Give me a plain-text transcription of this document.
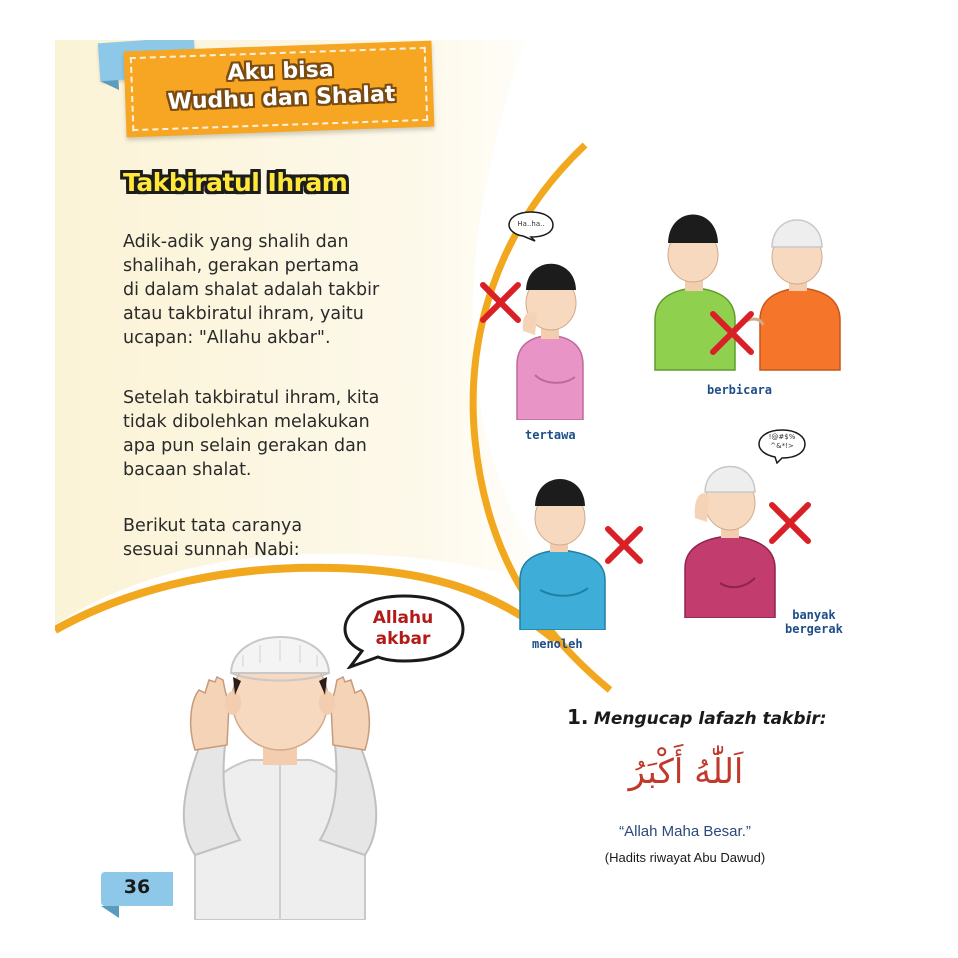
Aku bisa
Wudhu dan Shalat
Takbiratul Ihram

Adik-adik yang shalih dan
shalihah, gerakan pertama
di dalam shalat adalah takbir
atau takbiratul ihram, yaitu
ucapan: "Allahu akbar".

Setelah takbiratul ihram, kita
tidak dibolehkan melakukan
apa pun selain gerakan dan
bacaan shalat.

Berikut tata caranya
sesuai sunnah Nabi:

Allahu
akbar
Ha..ha..
tertawa
berbicara
menoleh
!@#$%
^&*!>
banyak
bergerak
1. Mengucap lafazh takbir:
اَللّٰهُ أَكْبَرُ
“Allah Maha Besar.”
(Hadits riwayat Abu Dawud)
36
